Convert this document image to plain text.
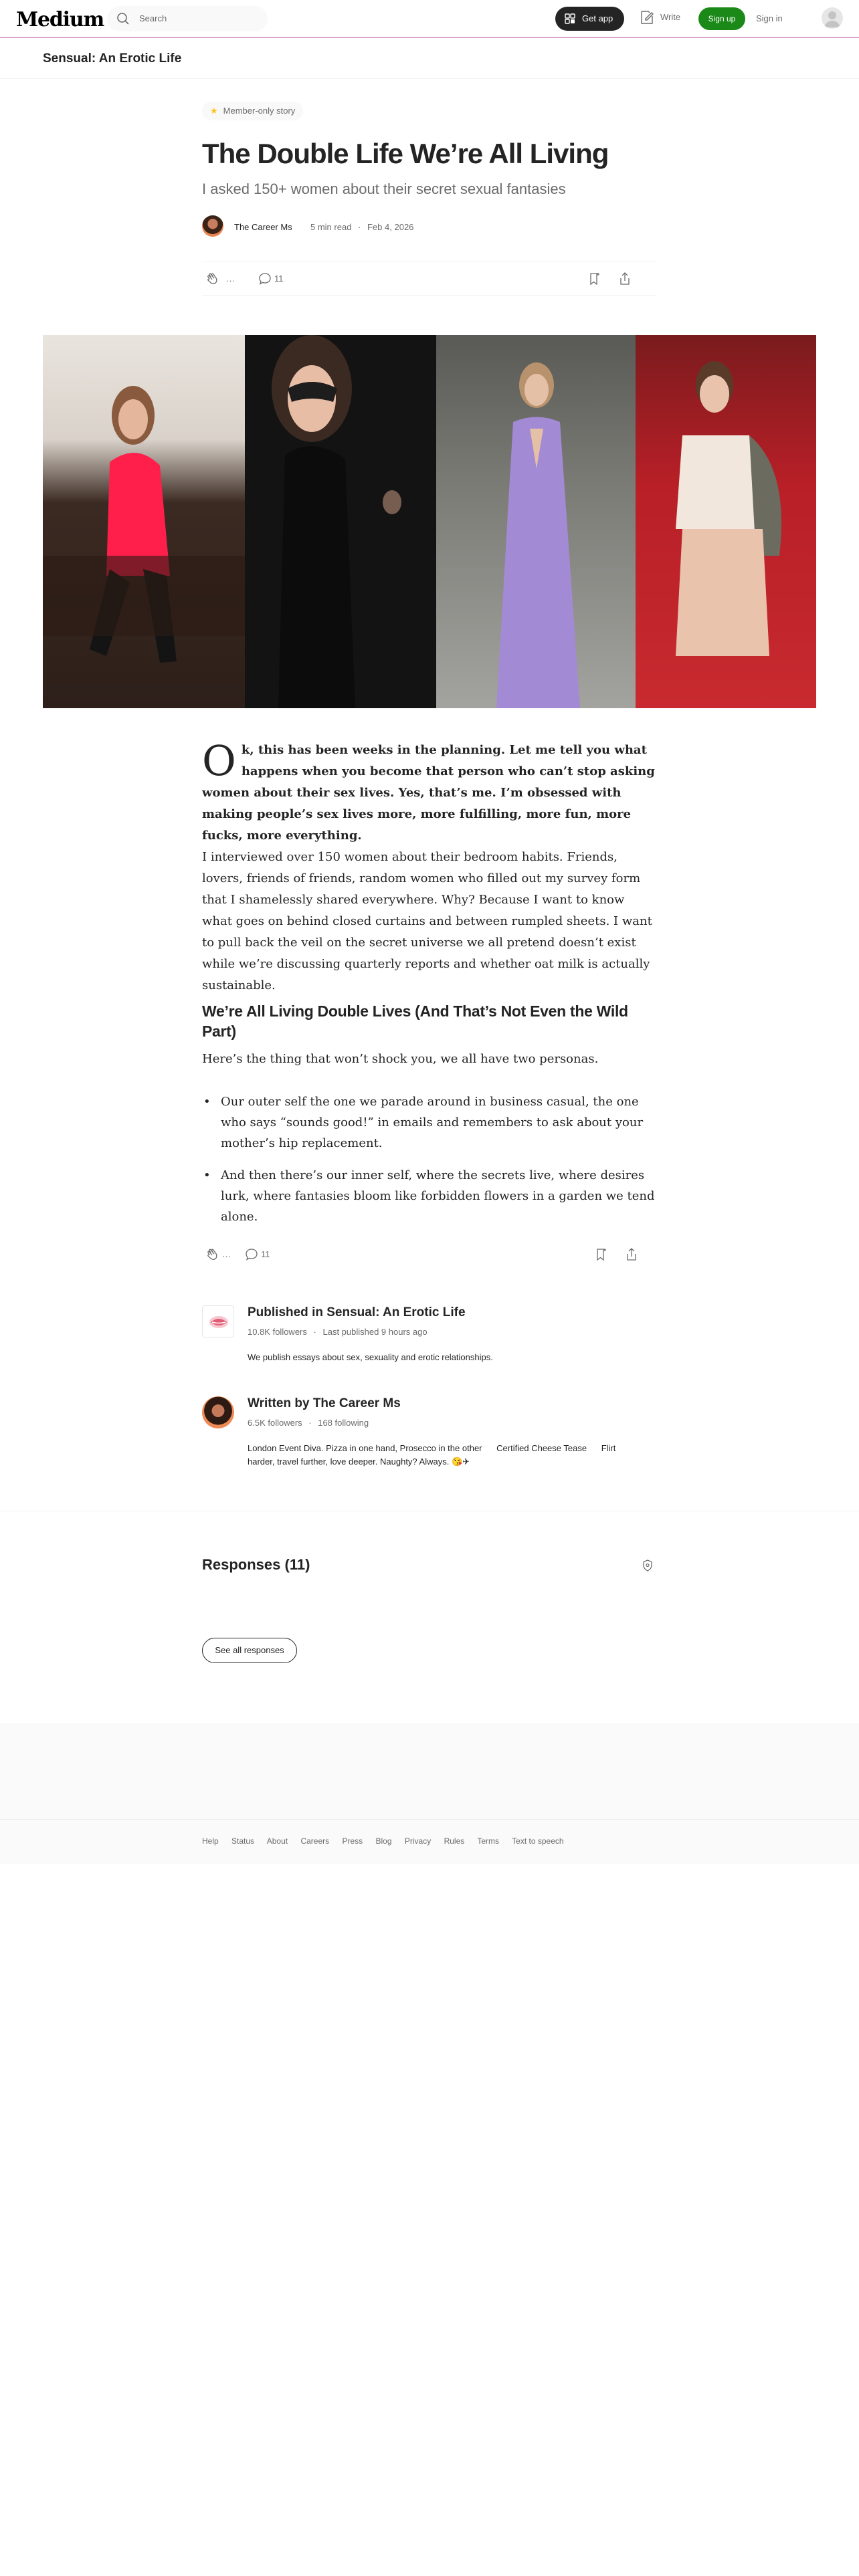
Medium	Search	Get app	Write	Sign up	Sign in
Sensual: An Erotic Life
★ Member-only story
The Double Life We’re All Living
I asked 150+ women about their secret sexual fantasies
The Career Ms 5 min read · Feb 4, 2026
…	11
Ok, this has been weeks in the planning. Let me tell you what happens when you become that person who can’t stop asking women about their sex lives. Yes, that’s me. I’m obsessed with making people’s sex lives more, more fulfilling, more fun, more fucks, more everything.
I interviewed over 150 women about their bedroom habits. Friends, lovers, friends of friends, random women who filled out my survey form that I shamelessly shared everywhere. Why? Because I want to know what goes on behind closed curtains and between rumpled sheets. I want to pull back the veil on the secret universe we all pretend doesn’t exist while we’re discussing quarterly reports and whether oat milk is actually sustainable.
We’re All Living Double Lives (And That’s Not Even the Wild Part)
Here’s the thing that won’t shock you, we all have two personas.
• Our outer self the one we parade around in business casual, the one who says “sounds good!” in emails and remembers to ask about your mother’s hip replacement.
• And then there’s our inner self, where the secrets live, where desires lurk, where fantasies bloom like forbidden flowers in a garden we tend alone.
…	11
Published in Sensual: An Erotic Life
10.8K followers · Last published 9 hours ago
We publish essays about sex, sexuality and erotic relationships.
Written by The Career Ms
6.5K followers · 168 following
London Event Diva. Pizza in one hand, Prosecco in the other      Certified Cheese Tease      Flirt harder, travel further, love deeper. Naughty? Always. 😘✈
Responses (11)
See all responses
Help Status About Careers Press Blog Privacy Rules Terms Text to speech
